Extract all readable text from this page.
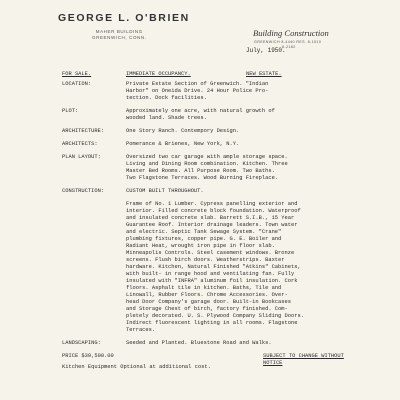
GEORGE L. O'BRIEN
MAHER BUILDING
GREENWICH, CONN.	Building Construction
GREENWICH 8-4440 RES. 8-1510
8-2182
July, 1950.
FOR SALE.	IMMEDIATE OCCUPANCY.	NEW ESTATE.
LOCATION:	Private Estate Section of Greenwich. "Indian
Harbor" on Oneida Drive. 24 Hour Police Pro-
tection. Dock facilities.
PLOT:	Approximately one acre, with natural growth of
wooded land. Shade trees.
ARCHITECTURE:	One Story Ranch. Contempory Design.
ARCHITECTS:	Pomerance & Brienes, New York, N.Y.
PLAN LAYOUT:	Oversized two car garage with ample storage space.
Living and Dining Room combination. Kitchen. Three
Master Bed Rooms. All Purpose Room. Two Baths.
Two Flagstone Terraces. Wood Burning Fireplace.
CONSTRUCTION:	CUSTOM BUILT THROUGHOUT.
Frame of No. 1 Lumber. Cypress panelling exterior and
interior. Filled concrete block foundation. Waterproof
and insulated concrete slab. Barrett S.I.B., 15 Year
Guarantee Roof. Interior drainage leaders. Town water
and electric. Septic Tank Sewage System. "Crane"
plumbing fixtures, copper pipe. G. E. Boiler and
Radiant Heat, wrought iron pipe in floor slab.
Minneapolis Controls. Steel casement windows. Bronze
screens. Flush birch doors. Weatherstrips. Baxter
hardware. Kitchen, Natural Finished "Atkins" Cabinets,
with built- in range hood and ventilating fan. Fully
insulated with "INFRA" aluminum foil insulation. Cork
floors. Asphalt tile in kitchen. Baths, Tile and
Linowall, Rubber Floors. Chrome Accessories. Over-
head Door Company's garage door. Built-in Bookcases
and Storage Chest of birch, factory finished. Com-
pletely decorated. U. S. Plywood Company Sliding Doors.
Indirect fluorescent lighting in all rooms. Flagstone
Terraces.
LANDSCAPING:	Seeded and Planted. Bluestone Road and Walks.
PRICE $39,500.00	SUBJECT TO CHANGE WITHOUT NOTICE
Kitchen Equipment Optional at additional cost.
